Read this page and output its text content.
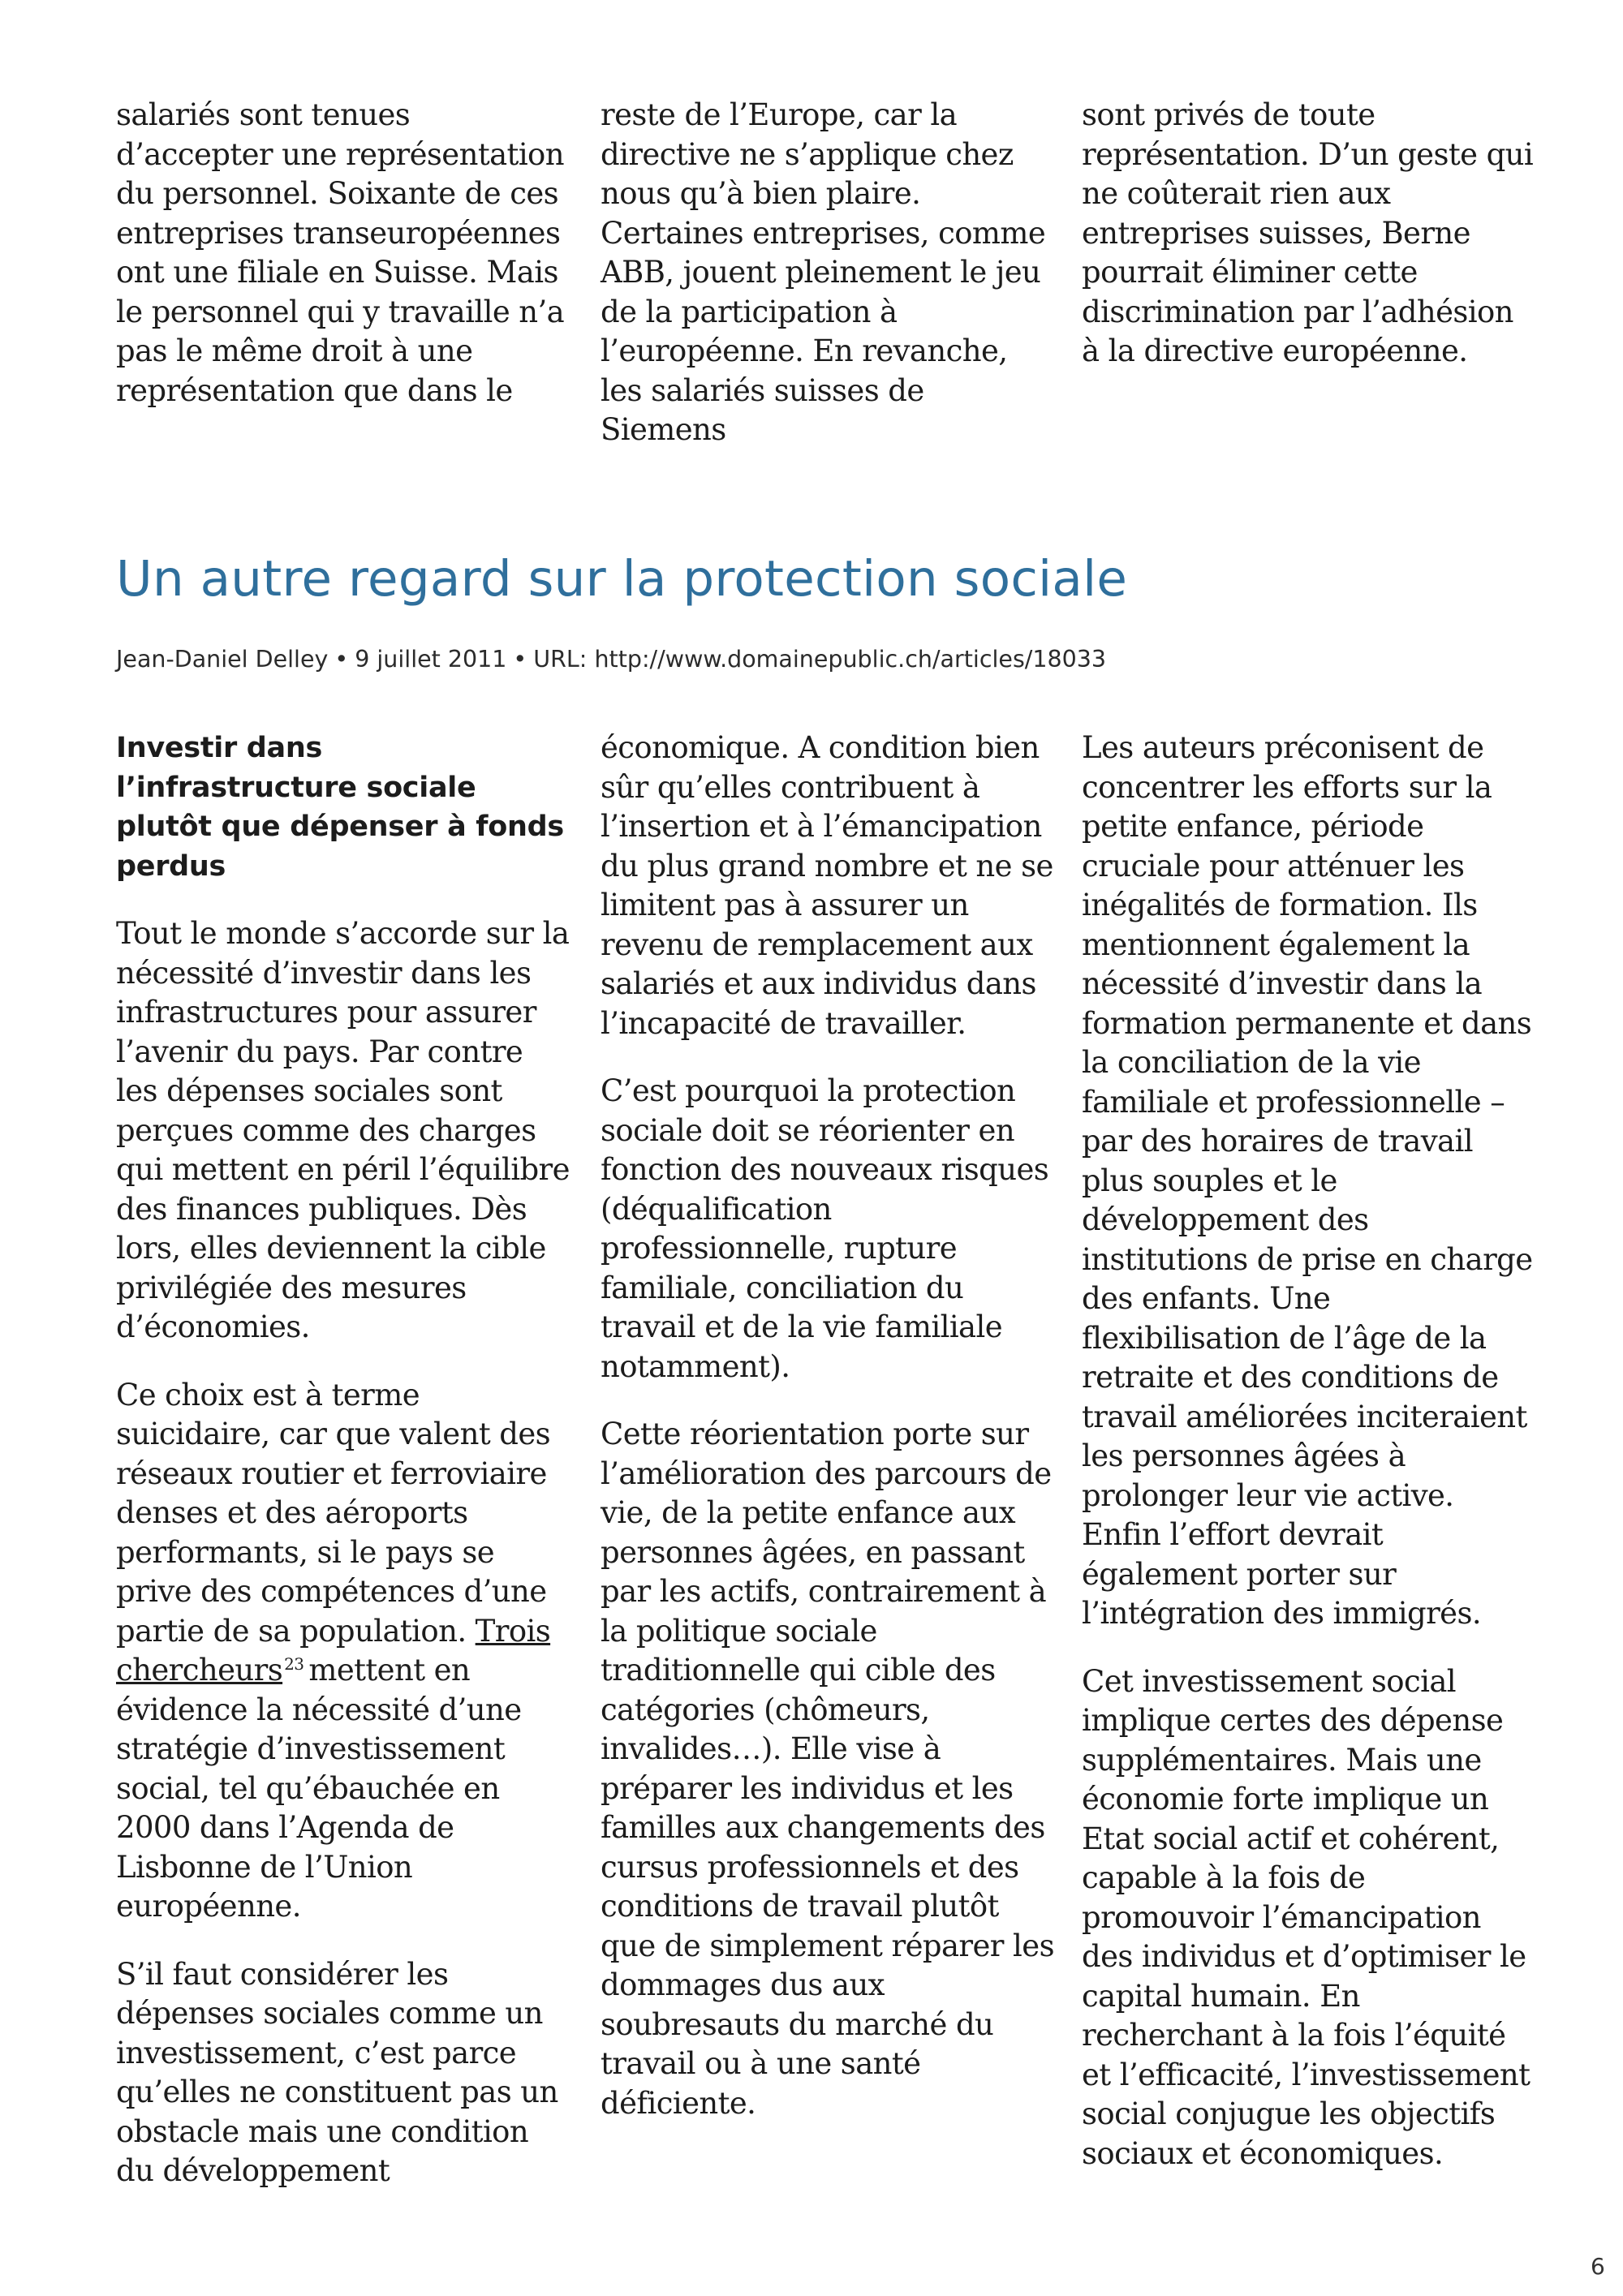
salariés sont tenues d’accepter une représentation du personnel. Soixante de ces entreprises transeuropéennes ont une filiale en Suisse. Mais le personnel qui y travaille n’a pas le même droit à une représentation que dans le

reste de l’Europe, car la directive ne s’applique chez nous qu’à bien plaire. Certaines entreprises, comme ABB, jouent pleinement le jeu de la participation à l’européenne. En revanche, les salariés suisses de Siemens

sont privés de toute représentation. D’un geste qui ne coûterait rien aux entreprises suisses, Berne pourrait éliminer cette discrimination par l’adhésion à la directive européenne.

Un autre regard sur la protection sociale
Jean-Daniel Delley • 9 juillet 2011 • URL: http://www.domainepublic.ch/articles/18033
Investir dans l’infrastructure sociale plutôt que dépenser à fonds perdus

Tout le monde s’accorde sur la nécessité d’investir dans les infrastructures pour assurer l’avenir du pays. Par contre les dépenses sociales sont perçues comme des charges qui mettent en péril l’équilibre des finances publiques. Dès lors, elles deviennent la cible privilégiée des mesures d’économies.

Ce choix est à terme suicidaire, car que valent des réseaux routier et ferroviaire denses et des aéroports performants, si le pays se prive des compétences d’une partie de sa population. Trois chercheurs $^{23}$ mettent en évidence la nécessité d’une stratégie d’investissement social, tel qu’ébauchée en 2000 dans l’Agenda de Lisbonne de l’Union européenne.

S’il faut considérer les dépenses sociales comme un investissement, c’est parce qu’elles ne constituent pas un obstacle mais une condition du développement

économique. A condition bien sûr qu’elles contribuent à l’insertion et à l’émancipation du plus grand nombre et ne se limitent pas à assurer un revenu de remplacement aux salariés et aux individus dans l’incapacité de travailler.

C’est pourquoi la protection sociale doit se réorienter en fonction des nouveaux risques (déqualification professionnelle, rupture familiale, conciliation du travail et de la vie familiale notamment).

Cette réorientation porte sur l’amélioration des parcours de vie, de la petite enfance aux personnes âgées, en passant par les actifs, contrairement à la politique sociale traditionnelle qui cible des catégories (chômeurs, invalides…). Elle vise à préparer les individus et les familles aux changements des cursus professionnels et des conditions de travail plutôt que de simplement réparer les dommages dus aux soubresauts du marché du travail ou à une santé déficiente.

Les auteurs préconisent de concentrer les efforts sur la petite enfance, période cruciale pour atténuer les inégalités de formation. Ils mentionnent également la nécessité d’investir dans la formation permanente et dans la conciliation de la vie familiale et professionnelle – par des horaires de travail plus souples et le développement des institutions de prise en charge des enfants. Une flexibilisation de l’âge de la retraite et des conditions de travail améliorées inciteraient les personnes âgées à prolonger leur vie active. Enfin l’effort devrait également porter sur l’intégration des immigrés.

Cet investissement social implique certes des dépense supplémentaires. Mais une économie forte implique un Etat social actif et cohérent, capable à la fois de promouvoir l’émancipation des individus et d’optimiser le capital humain. En recherchant à la fois l’équité et l’efficacité, l’investissement social conjugue les objectifs sociaux et économiques.

6
